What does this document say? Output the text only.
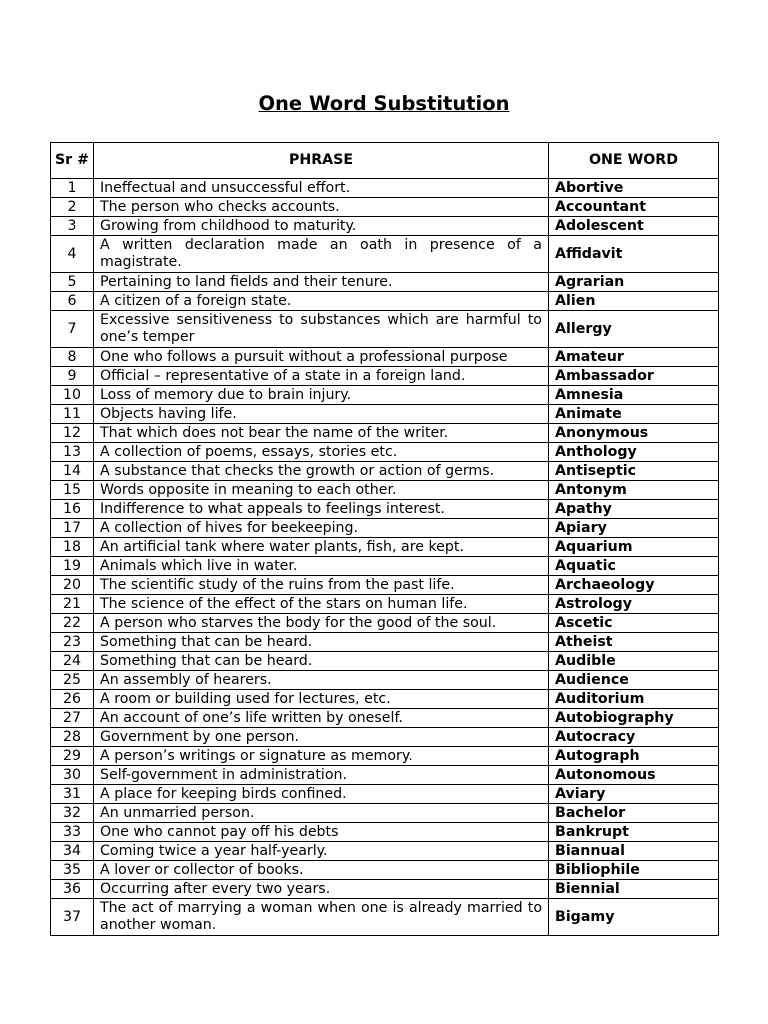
One Word Substitution
Sr #	PHRASE	ONE WORD
1	Ineffectual and unsuccessful effort.	Abortive
2	The person who checks accounts.	Accountant
3	Growing from childhood to maturity.	Adolescent
4	A written declaration made an oath in presence of a magistrate.	Affidavit
5	Pertaining to land fields and their tenure.	Agrarian
6	A citizen of a foreign state.	Alien
7	Excessive sensitiveness to substances which are harmful to one’s temper	Allergy
8	One who follows a pursuit without a professional purpose	Amateur
9	Official – representative of a state in a foreign land.	Ambassador
10	Loss of memory due to brain injury.	Amnesia
11	Objects having life.	Animate
12	That which does not bear the name of the writer.	Anonymous
13	A collection of poems, essays, stories etc.	Anthology
14	A substance that checks the growth or action of germs.	Antiseptic
15	Words opposite in meaning to each other.	Antonym
16	Indifference to what appeals to feelings interest.	Apathy
17	A collection of hives for beekeeping.	Apiary
18	An artificial tank where water plants, fish, are kept.	Aquarium
19	Animals which live in water.	Aquatic
20	The scientific study of the ruins from the past life.	Archaeology
21	The science of the effect of the stars on human life.	Astrology
22	A person who starves the body for the good of the soul.	Ascetic
23	Something that can be heard.	Atheist
24	Something that can be heard.	Audible
25	An assembly of hearers.	Audience
26	A room or building used for lectures, etc.	Auditorium
27	An account of one’s life written by oneself.	Autobiography
28	Government by one person.	Autocracy
29	A person’s writings or signature as memory.	Autograph
30	Self-government in administration.	Autonomous
31	A place for keeping birds confined.	Aviary
32	An unmarried person.	Bachelor
33	One who cannot pay off his debts	Bankrupt
34	Coming twice a year half-yearly.	Biannual
35	A lover or collector of books.	Bibliophile
36	Occurring after every two years.	Biennial
37	The act of marrying a woman when one is already married to another woman.	Bigamy
